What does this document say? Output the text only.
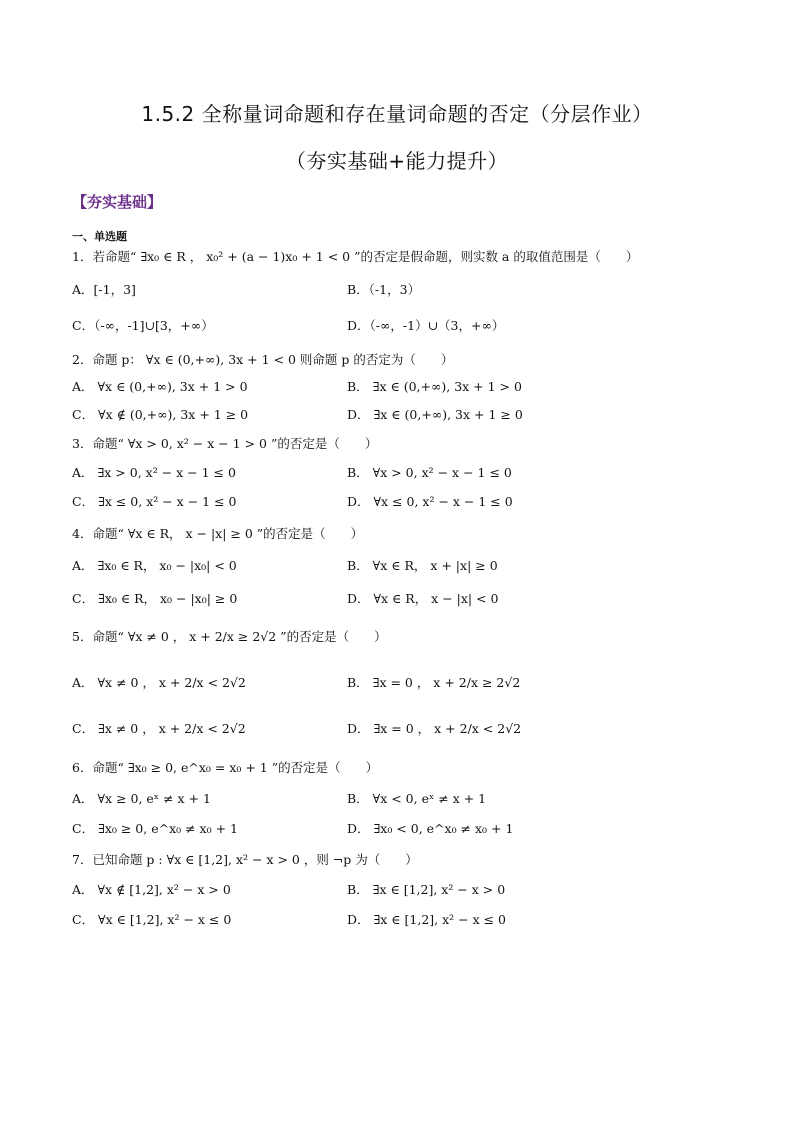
1.5.2 全称量词命题和存在量词命题的否定（分层作业）
（夯实基础+能力提升）
【夯实基础】
一、单选题
1．若命题“ ∃x₀ ∈ R ， x₀² + (a − 1)x₀ + 1 < 0 ”的否定是假命题，则实数 a 的取值范围是（　　）
A．[-1，3]	B．（-1，3）
C．（-∞，-1]∪[3，+∞）	D．（-∞，-1）∪（3，+∞）
2．命题 p： ∀x ∈ (0,+∞), 3x + 1 < 0 则命题 p 的否定为（　　）
A． ∀x ∈ (0,+∞), 3x + 1 > 0	B． ∃x ∈ (0,+∞), 3x + 1 > 0
C． ∀x ∉ (0,+∞), 3x + 1 ≥ 0	D． ∃x ∈ (0,+∞), 3x + 1 ≥ 0
3．命题“ ∀x > 0, x² − x − 1 > 0 ”的否定是（　　）
A． ∃x > 0, x² − x − 1 ≤ 0	B． ∀x > 0, x² − x − 1 ≤ 0
C． ∃x ≤ 0, x² − x − 1 ≤ 0	D． ∀x ≤ 0, x² − x − 1 ≤ 0
4．命题“ ∀x ∈ R， x − |x| ≥ 0 ”的否定是（　　）
A． ∃x₀ ∈ R， x₀ − |x₀| < 0	B． ∀x ∈ R， x + |x| ≥ 0
C． ∃x₀ ∈ R， x₀ − |x₀| ≥ 0	D． ∀x ∈ R， x − |x| < 0
5．命题“ ∀x ≠ 0 ， x + 2/x ≥ 2√2 ”的否定是（　　）
A． ∀x ≠ 0 ， x + 2/x < 2√2	B． ∃x = 0 ， x + 2/x ≥ 2√2
C． ∃x ≠ 0 ， x + 2/x < 2√2	D． ∃x = 0 ， x + 2/x < 2√2
6．命题“ ∃x₀ ≥ 0, e^x₀ = x₀ + 1 ”的否定是（　　）
A． ∀x ≥ 0, eˣ ≠ x + 1	B． ∀x < 0, eˣ ≠ x + 1
C． ∃x₀ ≥ 0, e^x₀ ≠ x₀ + 1	D． ∃x₀ < 0, e^x₀ ≠ x₀ + 1
7．已知命题 p : ∀x ∈ [1,2], x² − x > 0 ，则 ¬p 为（　　）
A． ∀x ∉ [1,2], x² − x > 0	B． ∃x ∈ [1,2], x² − x > 0
C． ∀x ∈ [1,2], x² − x ≤ 0	D． ∃x ∈ [1,2], x² − x ≤ 0
